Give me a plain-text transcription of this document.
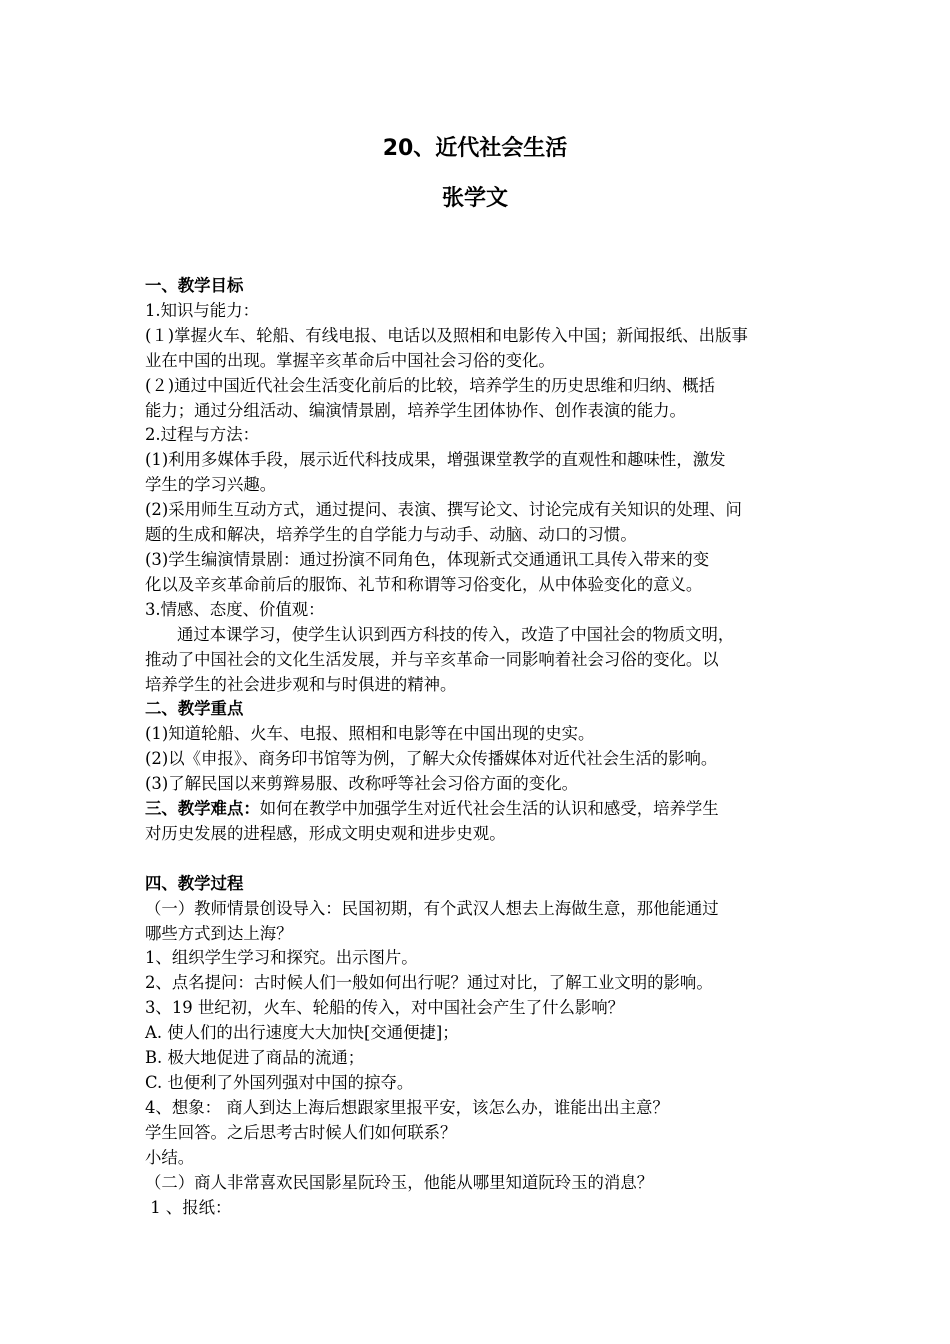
20、近代社会生活
张学文

一、教学目标

1.知识与能力：

(１)掌握火车、轮船、有线电报、电话以及照相和电影传入中国；新闻报纸、出版事

业在中国的出现。掌握辛亥革命后中国社会习俗的变化。

(２)通过中国近代社会生活变化前后的比较，培养学生的历史思维和归纳、概括

能力；通过分组活动、编演情景剧，培养学生团体协作、创作表演的能力。

2.过程与方法：

(1)利用多媒体手段，展示近代科技成果，增强课堂教学的直观性和趣味性，激发

学生的学习兴趣。

(2)采用师生互动方式，通过提问、表演、撰写论文、讨论完成有关知识的处理、问

题的生成和解决，培养学生的自学能力与动手、动脑、动口的习惯。

(3)学生编演情景剧：通过扮演不同角色，体现新式交通通讯工具传入带来的变

化以及辛亥革命前后的服饰、礼节和称谓等习俗变化，从中体验变化的意义。

3.情感、态度、价值观：

通过本课学习，使学生认识到西方科技的传入，改造了中国社会的物质文明，

推动了中国社会的文化生活发展，并与辛亥革命一同影响着社会习俗的变化。以

培养学生的社会进步观和与时俱进的精神。

二、教学重点

(1)知道轮船、火车、电报、照相和电影等在中国出现的史实。

(2)以《申报》、商务印书馆等为例，了解大众传播媒体对近代社会生活的影响。

(3)了解民国以来剪辫易服、改称呼等社会习俗方面的变化。

三、教学难点：如何在教学中加强学生对近代社会生活的认识和感受，培养学生

对历史发展的进程感，形成文明史观和进步史观。

四、教学过程

（一）教师情景创设导入：民国初期，有个武汉人想去上海做生意，那他能通过

哪些方式到达上海？

1、组织学生学习和探究。出示图片。

2、点名提问：古时候人们一般如何出行呢？通过对比，了解工业文明的影响。

3、19 世纪初，火车、轮船的传入，对中国社会产生了什么影响？

A. 使人们的出行速度大大加快[交通便捷]；

B. 极大地促进了商品的流通；

C. 也便利了外国列强对中国的掠夺。

4、想象： 商人到达上海后想跟家里报平安，该怎么办，谁能出出主意？

学生回答。之后思考古时候人们如何联系？

小结。

（二）商人非常喜欢民国影星阮玲玉，他能从哪里知道阮玲玉的消息？

1 、报纸：
